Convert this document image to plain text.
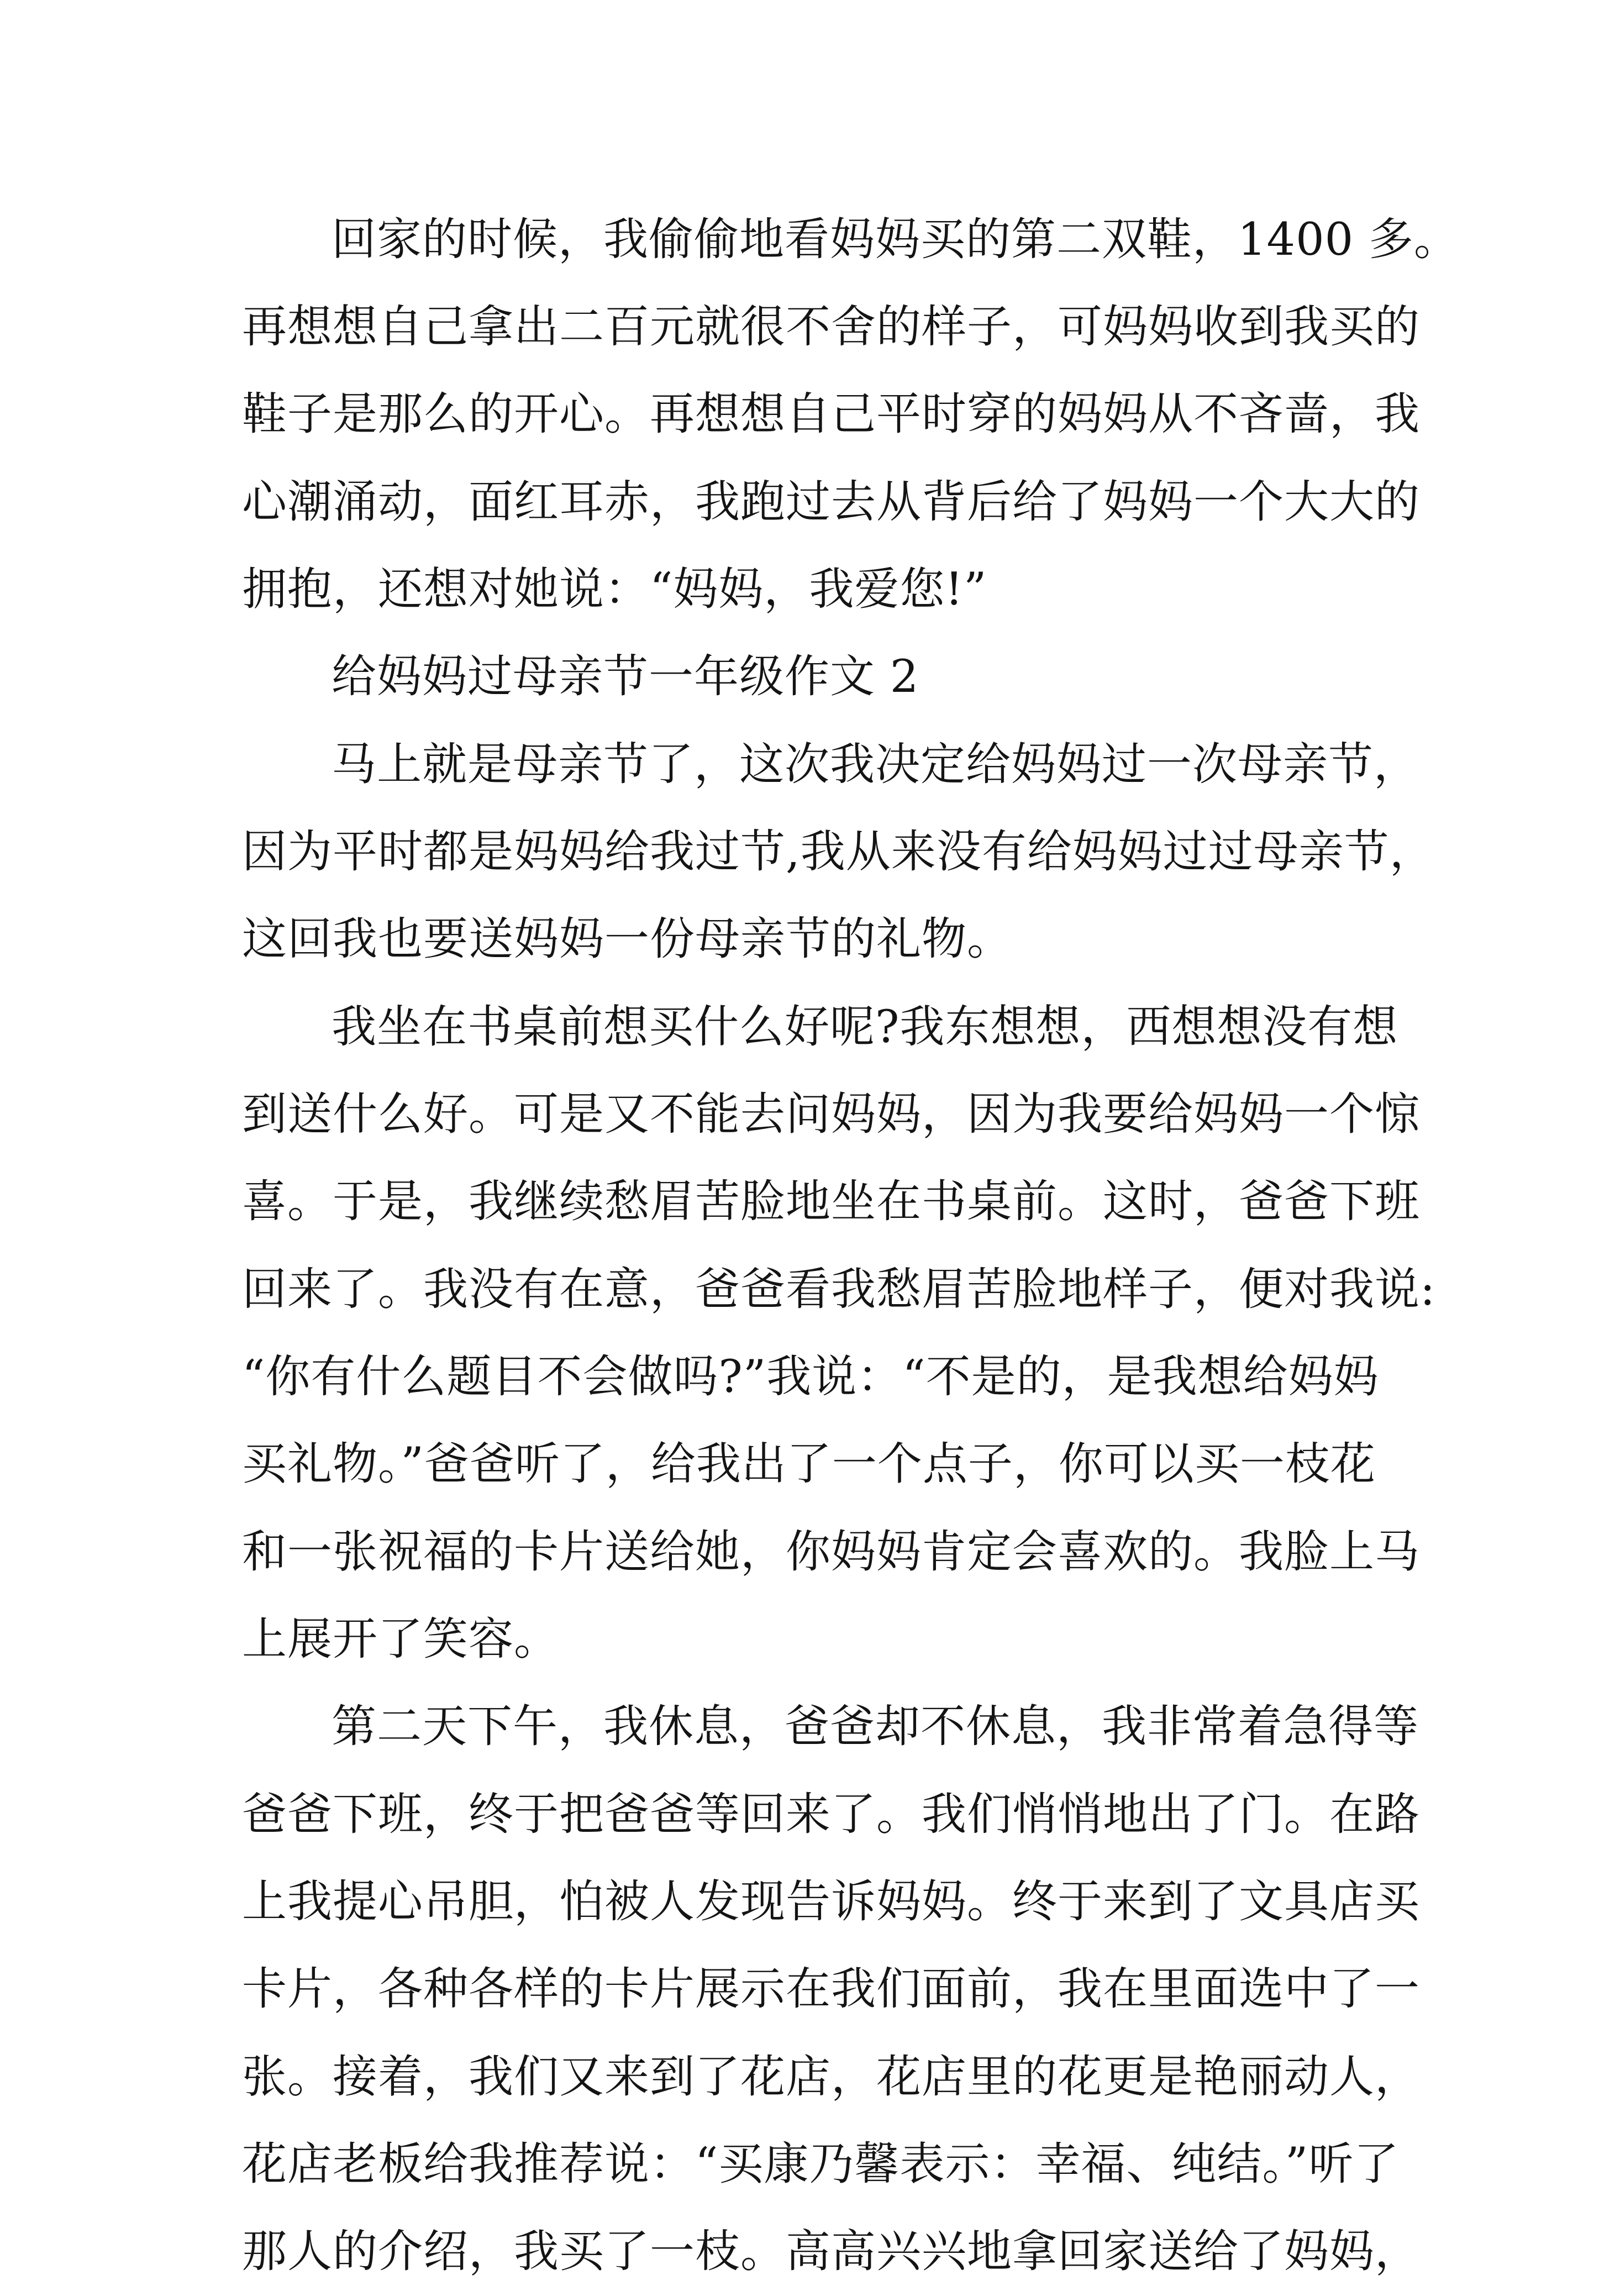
回家的时候，我偷偷地看妈妈买的第二双鞋，1400 多。
再想想自己拿出二百元就很不舍的样子，可妈妈收到我买的
鞋子是那么的开心。再想想自己平时穿的妈妈从不吝啬，我
心潮涌动，面红耳赤，我跑过去从背后给了妈妈一个大大的
拥抱，还想对她说：“妈妈，我爱您!”
给妈妈过母亲节一年级作文 2
马上就是母亲节了，这次我决定给妈妈过一次母亲节，
因为平时都是妈妈给我过节,我从来没有给妈妈过过母亲节，
这回我也要送妈妈一份母亲节的礼物。
我坐在书桌前想买什么好呢?我东想想，西想想没有想
到送什么好。可是又不能去问妈妈，因为我要给妈妈一个惊
喜。于是，我继续愁眉苦脸地坐在书桌前。这时，爸爸下班
回来了。我没有在意，爸爸看我愁眉苦脸地样子，便对我说:
“你有什么题目不会做吗?”我说：“不是的，是我想给妈妈
买礼物。”爸爸听了，给我出了一个点子，你可以买一枝花
和一张祝福的卡片送给她，你妈妈肯定会喜欢的。我脸上马
上展开了笑容。
第二天下午，我休息，爸爸却不休息，我非常着急得等
爸爸下班，终于把爸爸等回来了。我们悄悄地出了门。在路
上我提心吊胆，怕被人发现告诉妈妈。终于来到了文具店买
卡片，各种各样的卡片展示在我们面前，我在里面选中了一
张。接着，我们又来到了花店，花店里的花更是艳丽动人，
花店老板给我推荐说：“买康乃馨表示：幸福、纯结。”听了
那人的介绍，我买了一枝。高高兴兴地拿回家送给了妈妈，
